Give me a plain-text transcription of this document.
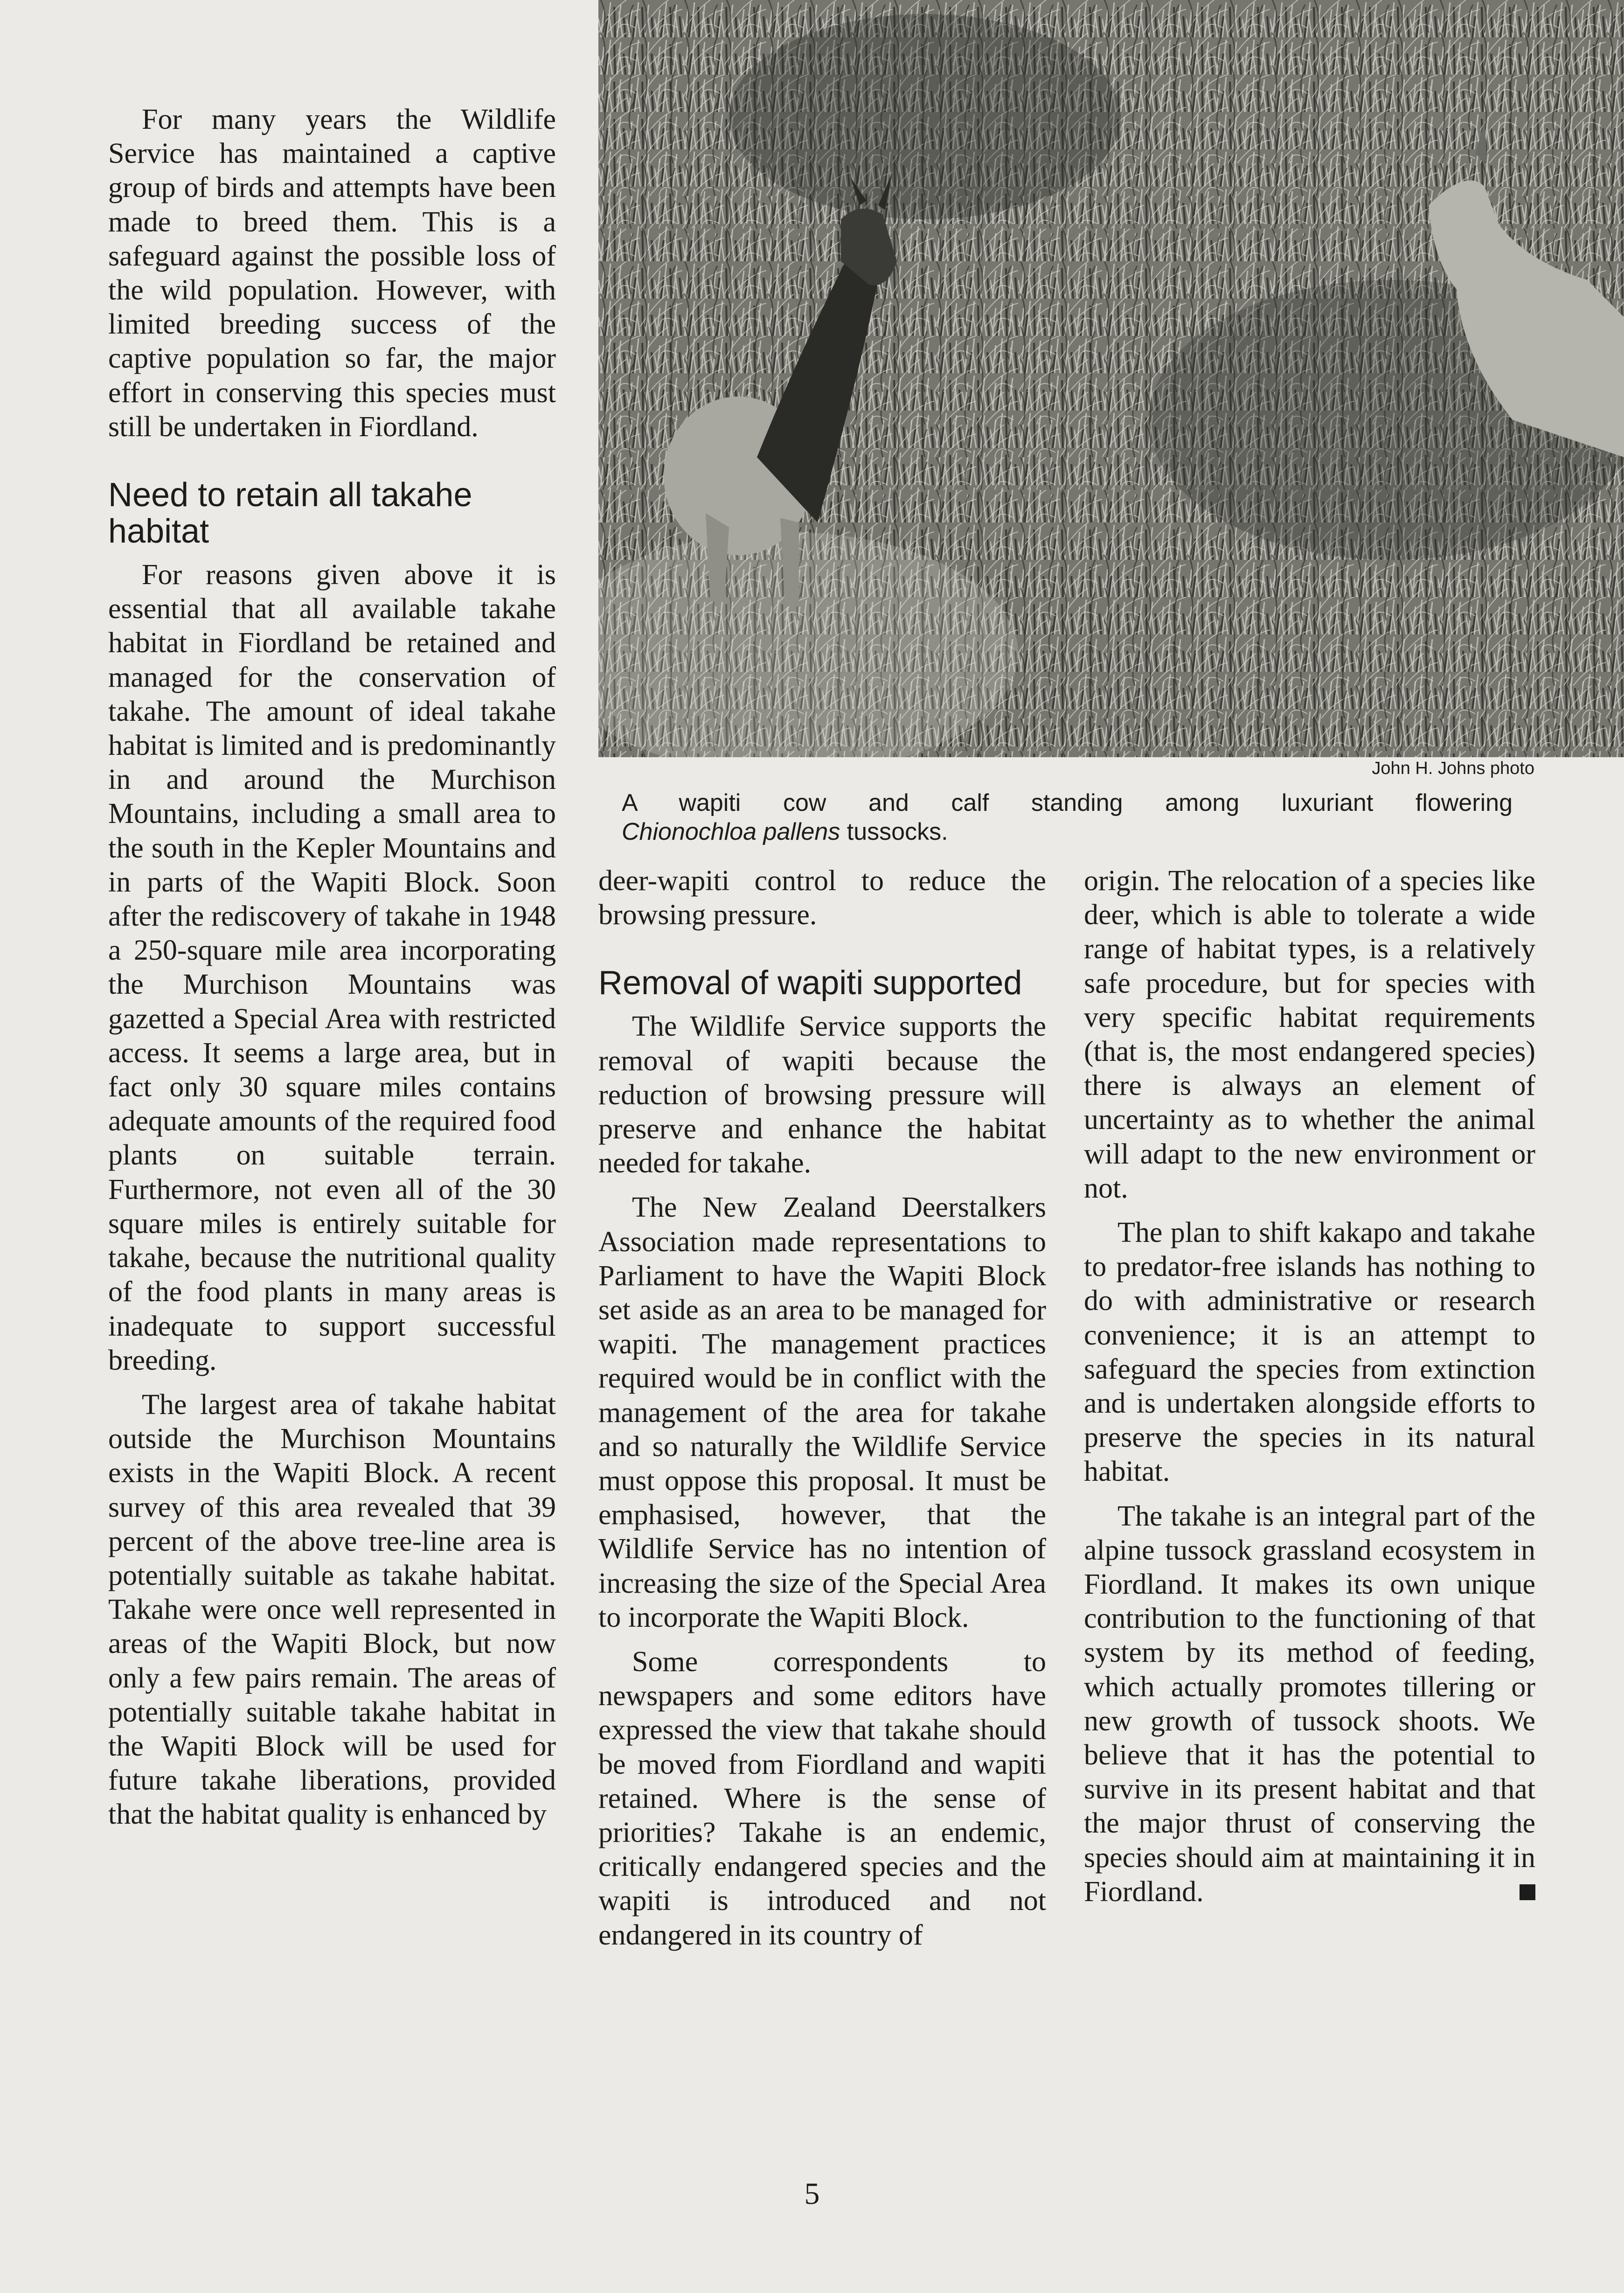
John H. Johns photo
A wapiti cow and calf standing among luxuriant flowering
Chionochloa pallens tussocks.

For many years the Wildlife Service has maintained a captive group of birds and attempts have been made to breed them. This is a safeguard against the possible loss of the wild population. However, with limited breeding success of the captive population so far, the major effort in conserving this species must still be undertaken in Fiordland.

Need to retain all takahe habitat

For reasons given above it is essential that all available takahe habitat in Fiordland be retained and managed for the conservation of takahe. The amount of ideal takahe habitat is limited and is predominantly in and around the Murchison Mountains, including a small area to the south in the Kepler Mountains and in parts of the Wapiti Block. Soon after the rediscovery of takahe in 1948 a 250-square mile area incorporating the Murchison Mountains was gazetted a Special Area with restricted access. It seems a large area, but in fact only 30 square miles contains adequate amounts of the required food plants on suitable terrain. Furthermore, not even all of the 30 square miles is entirely suitable for takahe, because the nutritional quality of the food plants in many areas is inadequate to support successful breeding.

The largest area of takahe habitat outside the Murchison Mountains exists in the Wapiti Block. A recent survey of this area revealed that 39 percent of the above tree-line area is potentially suitable as takahe habitat. Takahe were once well represented in areas of the Wapiti Block, but now only a few pairs remain. The areas of potentially suitable takahe habitat in the Wapiti Block will be used for future takahe liberations, provided that the habitat quality is enhanced by

deer-wapiti control to reduce the browsing pressure.

Removal of wapiti supported

The Wildlife Service supports the removal of wapiti because the reduction of browsing pressure will preserve and enhance the habitat needed for takahe.

The New Zealand Deerstalkers Association made representations to Parliament to have the Wapiti Block set aside as an area to be managed for wapiti. The management practices required would be in conflict with the management of the area for takahe and so naturally the Wildlife Service must oppose this proposal. It must be emphasised, however, that the Wildlife Service has no intention of increasing the size of the Special Area to incorporate the Wapiti Block.

Some correspondents to newspapers and some editors have expressed the view that takahe should be moved from Fiordland and wapiti retained. Where is the sense of priorities? Takahe is an endemic, critically endangered species and the wapiti is introduced and not endangered in its country of

origin. The relocation of a species like deer, which is able to tolerate a wide range of habitat types, is a relatively safe procedure, but for species with very specific habitat requirements (that is, the most endangered species) there is always an element of uncertainty as to whether the animal will adapt to the new environment or not.

The plan to shift kakapo and takahe to predator-free islands has nothing to do with administrative or research convenience; it is an attempt to safeguard the species from extinction and is undertaken alongside efforts to preserve the species in its natural habitat.

The takahe is an integral part of the alpine tussock grassland ecosystem in Fiordland. It makes its own unique contribution to the functioning of that system by its method of feeding, which actually promotes tillering or new growth of tussock shoots. We believe that it has the potential to survive in its present habitat and that the major thrust of conserving the species should aim at maintaining it in Fiordland.

5
